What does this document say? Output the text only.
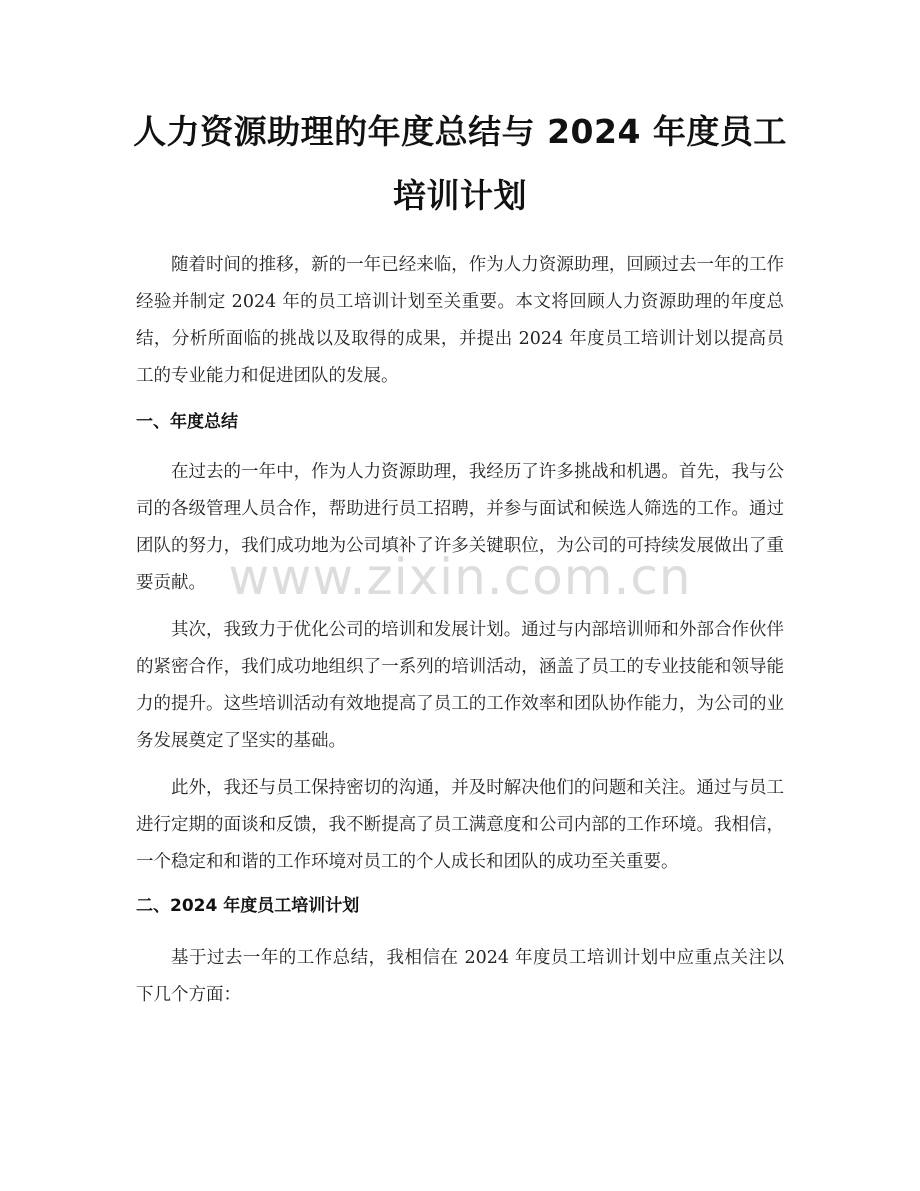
人力资源助理的年度总结与 2024 年度员工培训计划

随着时间的推移，新的一年已经来临，作为人力资源助理，回顾过去一年的工作经验并制定 2024 年的员工培训计划至关重要。本文将回顾人力资源助理的年度总结，分析所面临的挑战以及取得的成果，并提出 2024 年度员工培训计划以提高员工的专业能力和促进团队的发展。

一、年度总结

在过去的一年中，作为人力资源助理，我经历了许多挑战和机遇。首先，我与公司的各级管理人员合作，帮助进行员工招聘，并参与面试和候选人筛选的工作。通过团队的努力，我们成功地为公司填补了许多关键职位，为公司的可持续发展做出了重要贡献。

其次，我致力于优化公司的培训和发展计划。通过与内部培训师和外部合作伙伴的紧密合作，我们成功地组织了一系列的培训活动，涵盖了员工的专业技能和领导能力的提升。这些培训活动有效地提高了员工的工作效率和团队协作能力，为公司的业务发展奠定了坚实的基础。

此外，我还与员工保持密切的沟通，并及时解决他们的问题和关注。通过与员工进行定期的面谈和反馈，我不断提高了员工满意度和公司内部的工作环境。我相信，一个稳定和和谐的工作环境对员工的个人成长和团队的成功至关重要。

二、2024 年度员工培训计划

基于过去一年的工作总结，我相信在 2024 年度员工培训计划中应重点关注以下几个方面：

www.zixin.com.cn
